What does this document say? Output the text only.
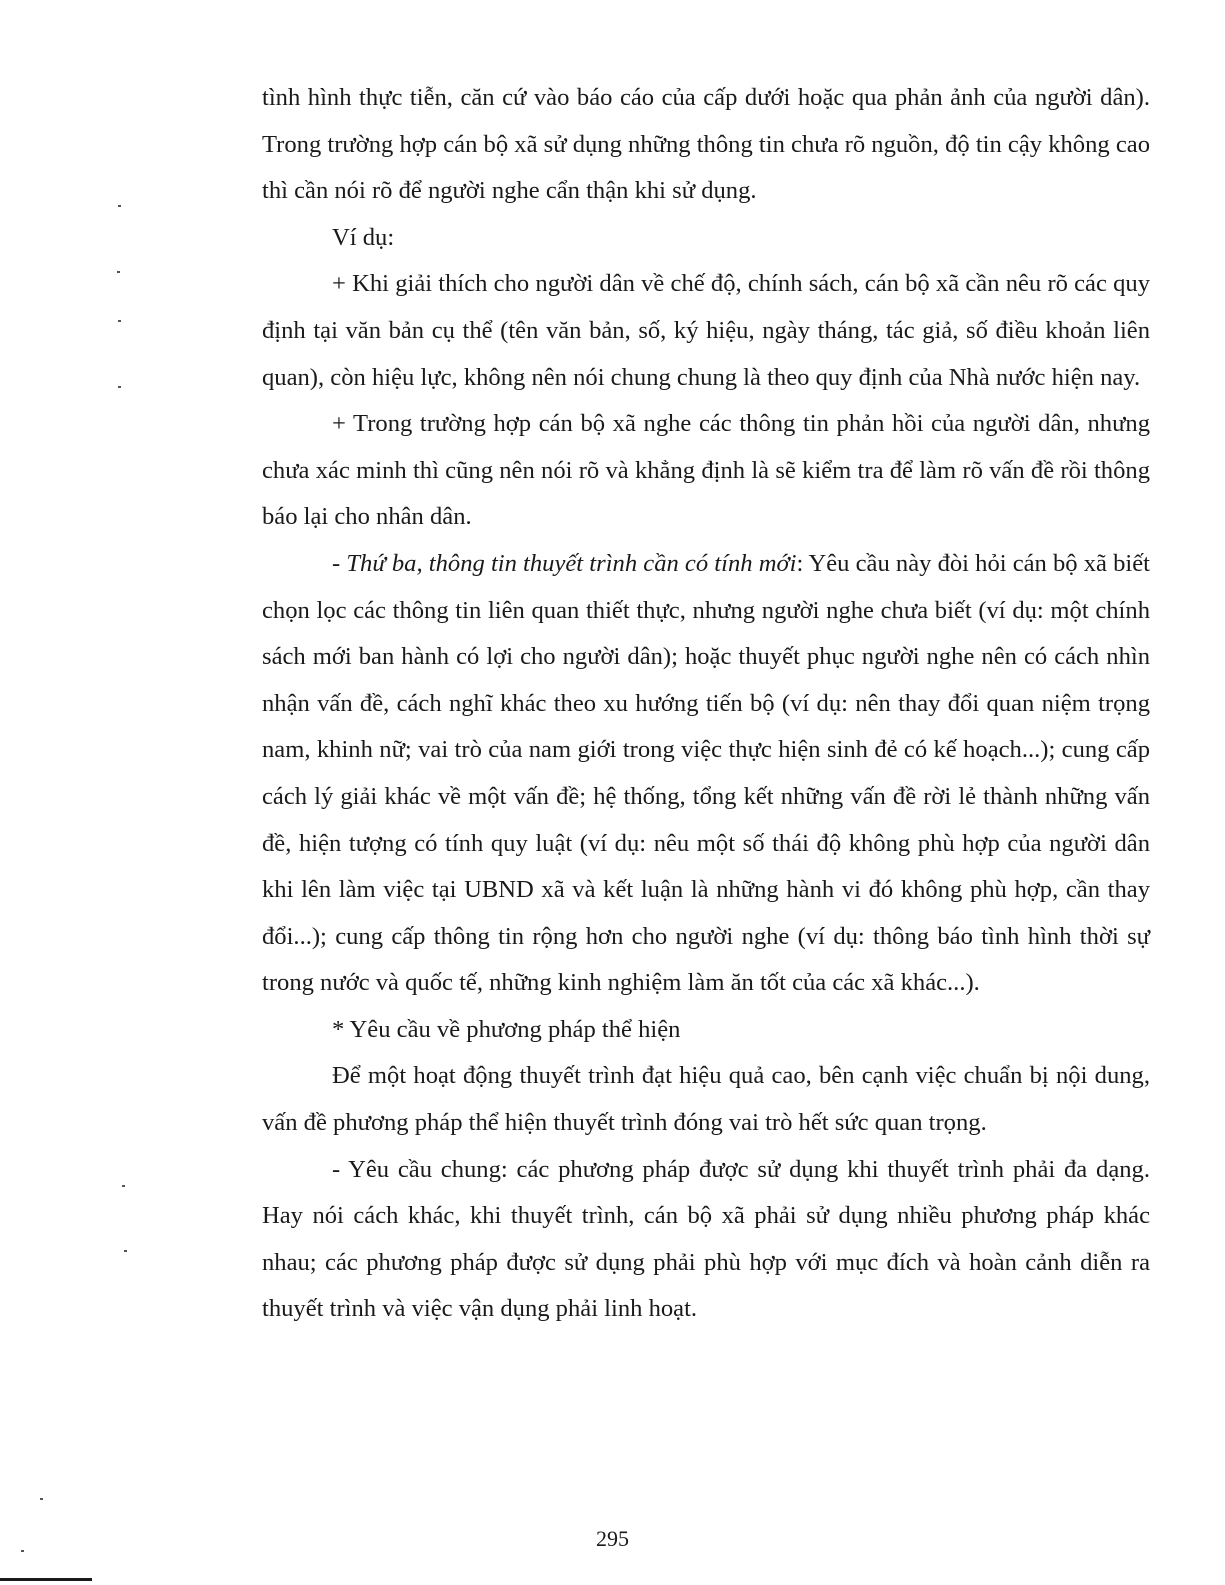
tình hình thực tiễn, căn cứ vào báo cáo của cấp dưới hoặc qua phản ảnh của người dân). Trong trường hợp cán bộ xã sử dụng những thông tin chưa rõ nguồn, độ tin cậy không cao thì cần nói rõ để người nghe cẩn thận khi sử dụng.

Ví dụ:

+ Khi giải thích cho người dân về chế độ, chính sách, cán bộ xã cần nêu rõ các quy định tại văn bản cụ thể (tên văn bản, số, ký hiệu, ngày tháng, tác giả, số điều khoản liên quan), còn hiệu lực, không nên nói chung chung là theo quy định của Nhà nước hiện nay.

+ Trong trường hợp cán bộ xã nghe các thông tin phản hồi của người dân, nhưng chưa xác minh thì cũng nên nói rõ và khẳng định là sẽ kiểm tra để làm rõ vấn đề rồi thông báo lại cho nhân dân.

- Thứ ba, thông tin thuyết trình cần có tính mới: Yêu cầu này đòi hỏi cán bộ xã biết chọn lọc các thông tin liên quan thiết thực, nhưng người nghe chưa biết (ví dụ: một chính sách mới ban hành có lợi cho người dân); hoặc thuyết phục người nghe nên có cách nhìn nhận vấn đề, cách nghĩ khác theo xu hướng tiến bộ (ví dụ: nên thay đổi quan niệm trọng nam, khinh nữ; vai trò của nam giới trong việc thực hiện sinh đẻ có kế hoạch...); cung cấp cách lý giải khác về một vấn đề; hệ thống, tổng kết những vấn đề rời lẻ thành những vấn đề, hiện tượng có tính quy luật (ví dụ: nêu một số thái độ không phù hợp của người dân khi lên làm việc tại UBND xã và kết luận là những hành vi đó không phù hợp, cần thay đổi...); cung cấp thông tin rộng hơn cho người nghe (ví dụ: thông báo tình hình thời sự trong nước và quốc tế, những kinh nghiệm làm ăn tốt của các xã khác...).

* Yêu cầu về phương pháp thể hiện

Để một hoạt động thuyết trình đạt hiệu quả cao, bên cạnh việc chuẩn bị nội dung, vấn đề phương pháp thể hiện thuyết trình đóng vai trò hết sức quan trọng.

- Yêu cầu chung: các phương pháp được sử dụng khi thuyết trình phải đa dạng. Hay nói cách khác, khi thuyết trình, cán bộ xã phải sử dụng nhiều phương pháp khác nhau; các phương pháp được sử dụng phải phù hợp với mục đích và hoàn cảnh diễn ra thuyết trình và việc vận dụng phải linh hoạt.

295
